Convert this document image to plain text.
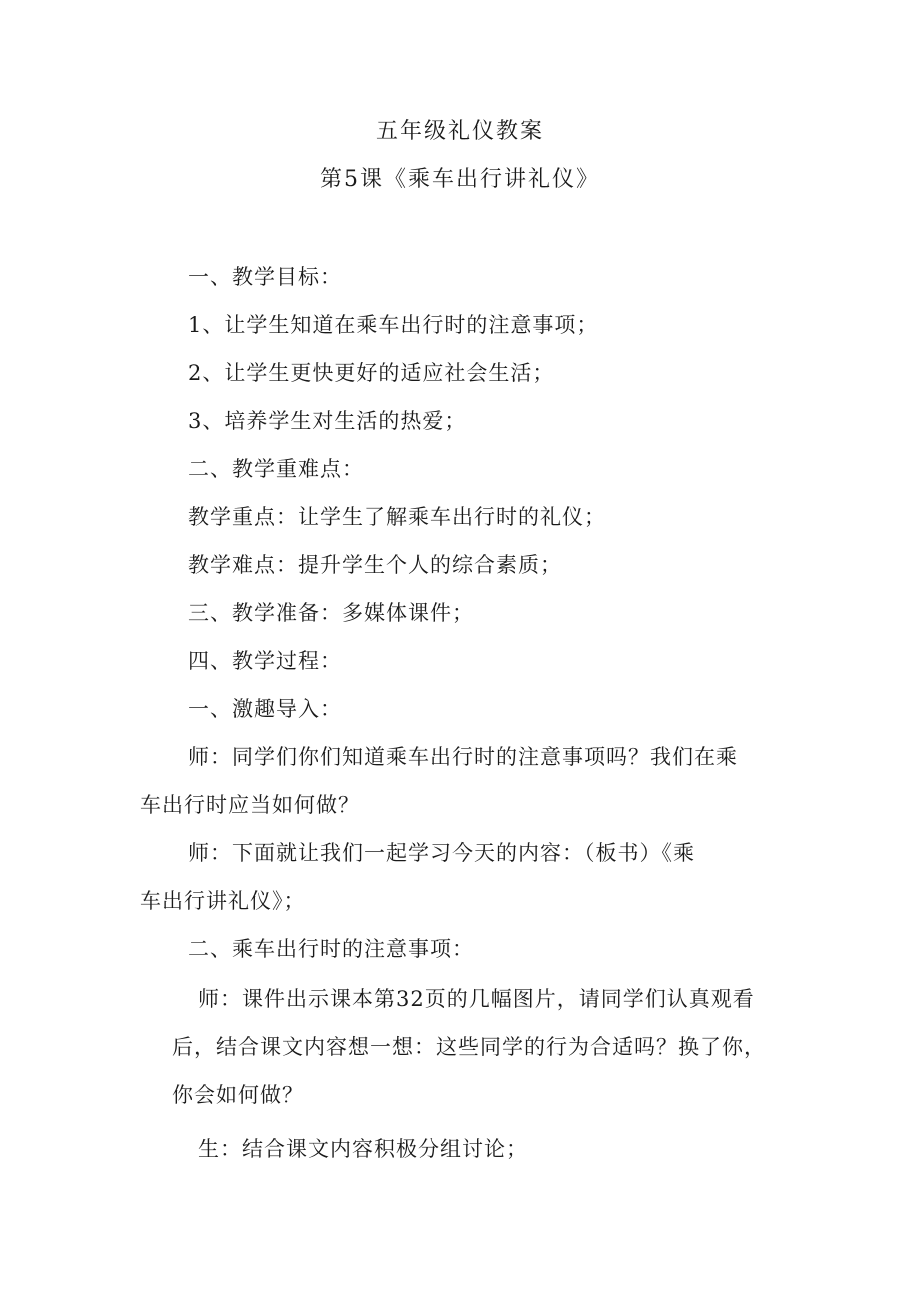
五年级礼仪教案
第5课《乘车出行讲礼仪》
一、教学目标：
1、让学生知道在乘车出行时的注意事项；
2、让学生更快更好的适应社会生活；
3、培养学生对生活的热爱；
二、教学重难点：
教学重点：让学生了解乘车出行时的礼仪；
教学难点：提升学生个人的综合素质；
三、教学准备：多媒体课件；
四、教学过程：
一、激趣导入：
师：同学们你们知道乘车出行时的注意事项吗？我们在乘
车出行时应当如何做？
师：下面就让我们一起学习今天的内容：（板书）《乘
车出行讲礼仪》；
二、乘车出行时的注意事项：
师：课件出示课本第32页的几幅图片，请同学们认真观看
后，结合课文内容想一想：这些同学的行为合适吗？换了你，
你会如何做？
生：结合课文内容积极分组讨论；
